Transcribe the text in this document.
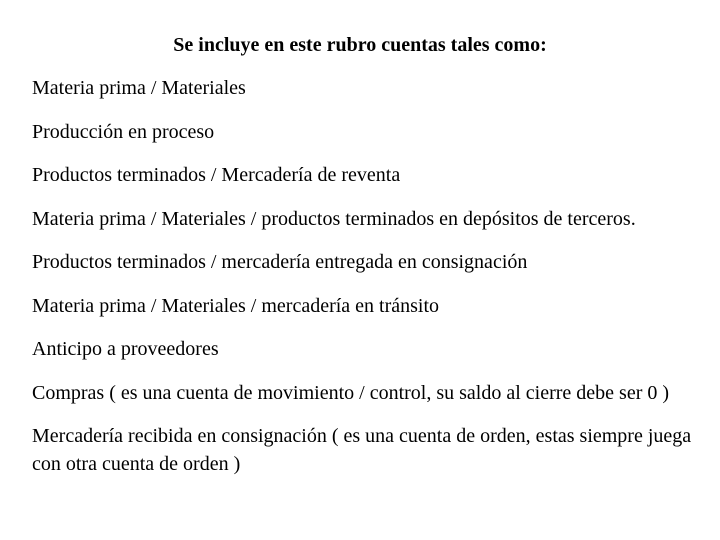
Se incluye en este rubro cuentas tales como:
Materia prima / Materiales
Producción en proceso
Productos terminados / Mercadería de reventa
Materia prima / Materiales / productos terminados en depósitos de terceros.
Productos terminados / mercadería entregada en consignación
Materia prima / Materiales / mercadería en tránsito
Anticipo a proveedores
Compras ( es una cuenta de movimiento / control, su saldo al cierre debe ser 0 )
Mercadería recibida en consignación ( es una cuenta de orden, estas siempre juega con otra cuenta de orden )
